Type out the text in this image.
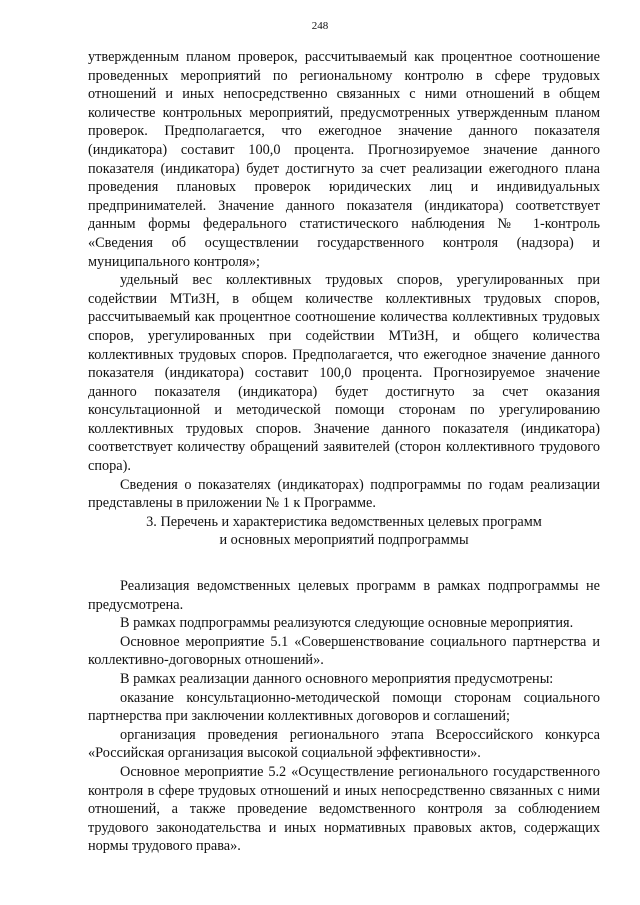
248

утвержденным планом проверок, рассчитываемый как процентное соотношение проведенных мероприятий по региональному контролю в сфере трудовых отношений и иных непосредственно связанных с ними отношений в общем количестве контрольных мероприятий, предусмотренных утвержденным планом проверок. Предполагается, что ежегодное значение данного показателя (индикатора) составит 100,0 процента. Прогнозируемое значение данного показателя (индикатора) будет достигнуто за счет реализации ежегодного плана проведения плановых проверок юридических лиц и индивидуальных предпринимателей. Значение данного показателя (индикатора) соответствует данным формы федерального статистического наблюдения № 1-контроль «Сведения об осуществлении государственного контроля (надзора) и муниципального контроля»;

удельный вес коллективных трудовых споров, урегулированных при содействии МТиЗН, в общем количестве коллективных трудовых споров, рассчитываемый как процентное соотношение количества коллективных трудовых споров, урегулированных при содействии МТиЗН, и общего количества коллективных трудовых споров. Предполагается, что ежегодное значение данного показателя (индикатора) составит 100,0 процента. Прогнозируемое значение данного показателя (индикатора) будет достигнуто за счет оказания консультационной и методической помощи сторонам по урегулированию коллективных трудовых споров. Значение данного показателя (индикатора) соответствует количеству обращений заявителей (сторон коллективного трудового спора).

Сведения о показателях (индикаторах) подпрограммы по годам реализации представлены в приложении № 1 к Программе.

3. Перечень и характеристика ведомственных целевых программ
и основных мероприятий подпрограммы

Реализация ведомственных целевых программ в рамках подпрограммы не предусмотрена.

В рамках подпрограммы реализуются следующие основные мероприятия.

Основное мероприятие 5.1 «Совершенствование социального партнерства и коллективно-договорных отношений».

В рамках реализации данного основного мероприятия предусмотрены:

оказание консультационно-методической помощи сторонам социального партнерства при заключении коллективных договоров и соглашений;

организация проведения регионального этапа Всероссийского конкурса «Российская организация высокой социальной эффективности».

Основное мероприятие 5.2 «Осуществление регионального государственного контроля в сфере трудовых отношений и иных непосредственно связанных с ними отношений, а также проведение ведомственного контроля за соблюдением трудового законодательства и иных нормативных правовых актов, содержащих нормы трудового права».
